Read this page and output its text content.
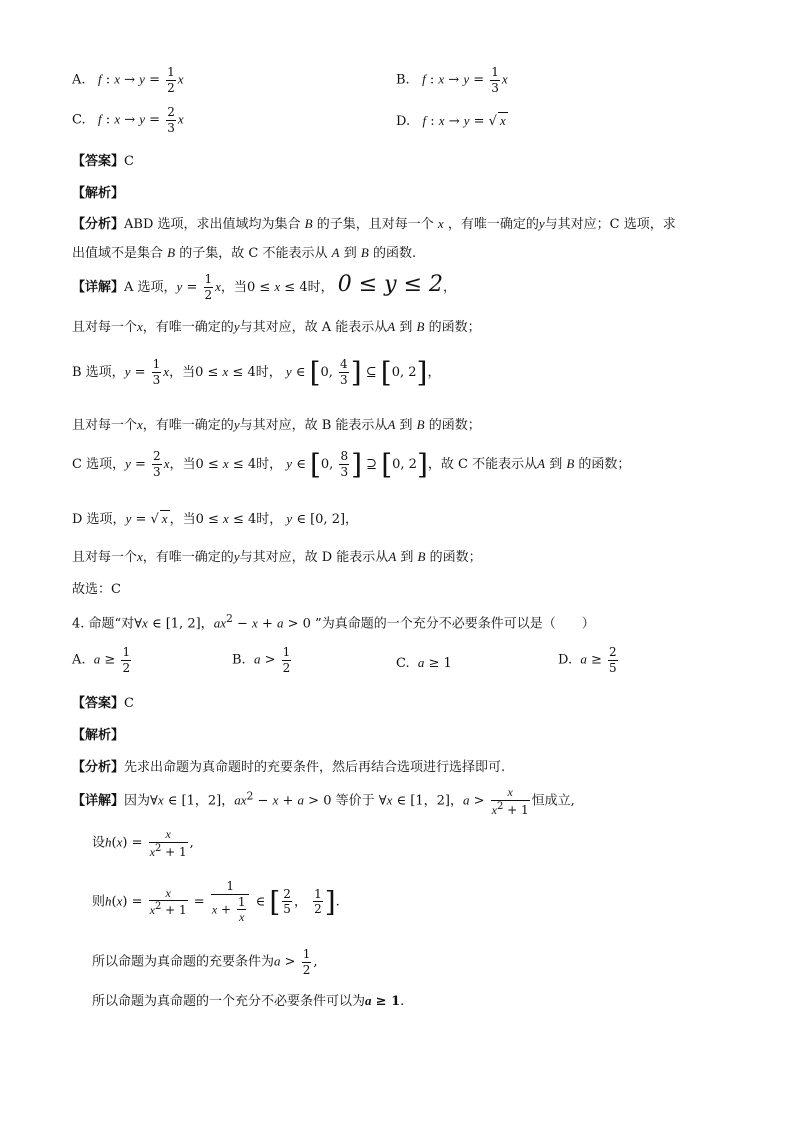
A. f : $x \to y = \frac{1}{2}$ x	B. f : $x \to y = \frac{1}{3}$ x
C. f : $x \to y = \frac{2}{3}$ x	D. f : x → y = √ x
【答案】C
【解析】
【分析】ABD 选项，求出值域均为集合 B 的子集，且对每一个 x ，有唯一确定的y与其对应；C 选项，求
出值域不是集合 B 的子集，故 C 不能表示从 A 到 B 的函数.
【详解】A 选项，$y = \frac{1}{2}$ x，当0 ≤ x ≤ 4时， 0 ≤ y ≤ 2，
且对每一个x，有唯一确定的y与其对应，故 A 能表示从A 到 B 的函数；
B 选项，$y = \frac{1}{3}$ x，当0 ≤ x ≤ 4时， y ∈ [0, $\frac{4}{3}$ ] ⊆ [0, 2]，
且对每一个x，有唯一确定的y与其对应，故 B 能表示从A 到 B 的函数；
C 选项，$y = \frac{2}{3}$ x，当0 ≤ x ≤ 4时， y ∈ [0, $\frac{8}{3}$ ] ⊇ [0, 2]，故 C 不能表示从A 到 B 的函数；
D 选项，y = √ x ，当0 ≤ x ≤ 4时， y ∈ [0, 2]，
且对每一个x，有唯一确定的y与其对应，故 D 能表示从A 到 B 的函数；
故选：C
4. 命题“对∀x ∈ [1, 2]，$ax^2 - x + a > 0$ ”为真命题的一个充分不必要条件可以是（　　）
A. $a \ge \frac{1}{2}$	B. $a > \frac{1}{2}$	C. a ≥ 1	D. $a \ge \frac{2}{5}$
【答案】C
【解析】
【分析】先求出命题为真命题时的充要条件，然后再结合选项进行选择即可.
【详解】因为∀x ∈ [1，2]，$ax^2 - x + a > 0$ 等价于 ∀x ∈ [1，2]，$a > \frac{x}{x^2 + 1}$ 恒成立,
设$h(x) = \frac{x}{x^2 + 1}$ ,
则$h(x) = \frac{x}{x^2 + 1} = \frac{1}{x + \frac{1}{x}}$ ∈ [ $\frac{2}{5}$ ， $\frac{1}{2}$ ].
所以命题为真命题的充要条件为$a > \frac{1}{2}$ ,
所以命题为真命题的一个充分不必要条件可以为a ≥ 1.
